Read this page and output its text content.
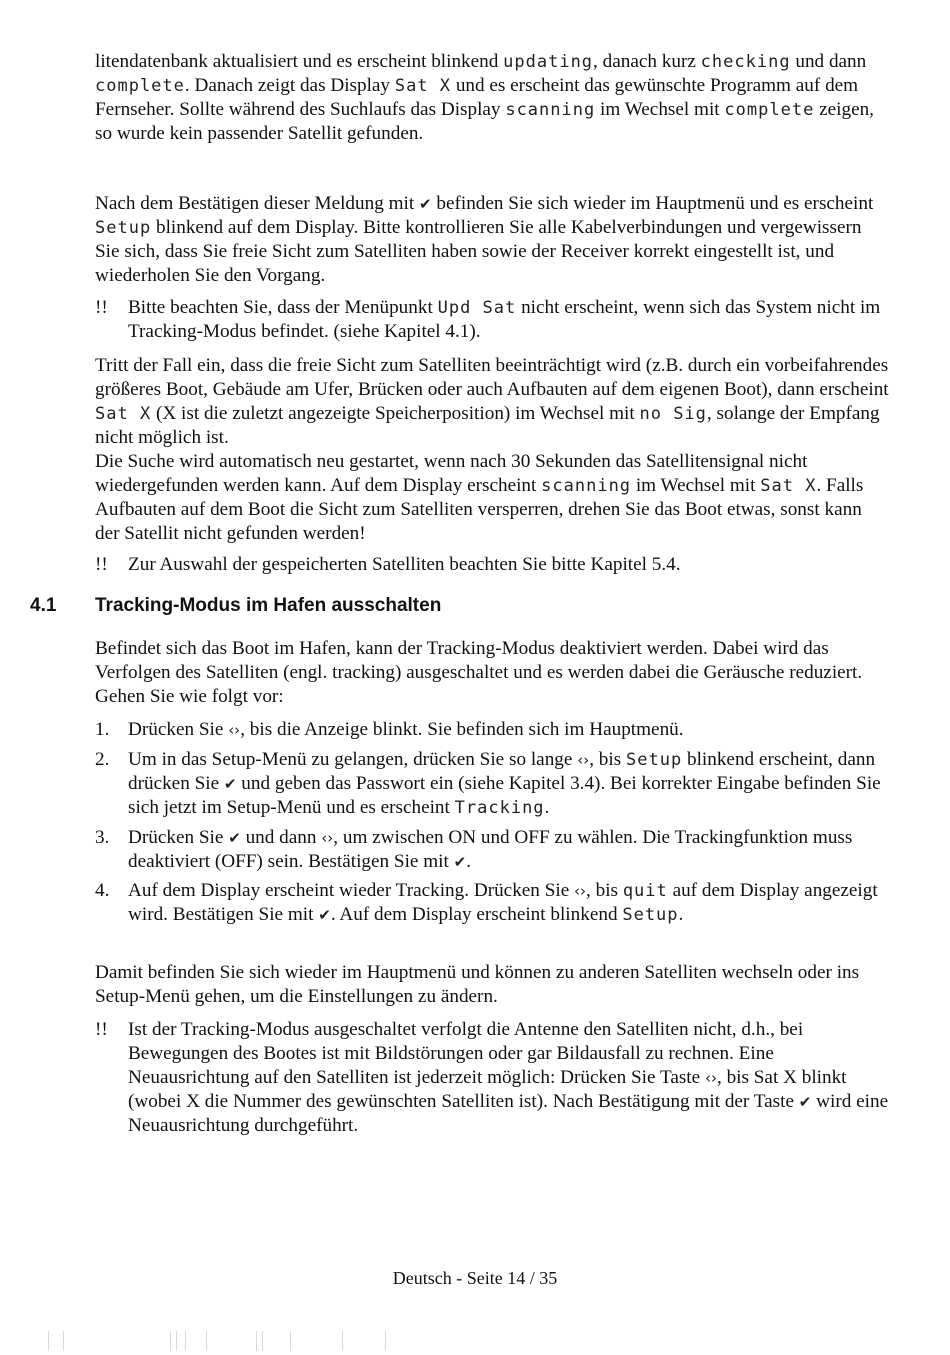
litendatenbank aktualisiert und es erscheint blinkend updating, danach kurz checking und dann complete. Danach zeigt das Display Sat X und es erscheint das gewünschte Programm auf dem Fernseher. Sollte während des Suchlaufs das Display scanning im Wechsel mit complete zeigen, so wurde kein passender Satellit gefunden.

Nach dem Bestätigen dieser Meldung mit ✔ befinden Sie sich wieder im Hauptmenü und es erscheint Setup blinkend auf dem Display. Bitte kontrollieren Sie alle Kabelverbindungen und vergewissern Sie sich, dass Sie freie Sicht zum Satelliten haben sowie der Receiver korrekt eingestellt ist, und wiederholen Sie den Vorgang.

!!	Bitte beachten Sie, dass der Menüpunkt Upd Sat nicht erscheint, wenn sich das System nicht im Tracking-Modus befindet. (siehe Kapitel 4.1).

Tritt der Fall ein, dass die freie Sicht zum Satelliten beeinträchtigt wird (z.B. durch ein vorbeifahrendes größeres Boot, Gebäude am Ufer, Brücken oder auch Aufbauten auf dem eigenen Boot), dann erscheint Sat X (X ist die zuletzt angezeigte Speicherposition) im Wechsel mit no Sig, solange der Empfang nicht möglich ist.

Die Suche wird automatisch neu gestartet, wenn nach 30 Sekunden das Satellitensignal nicht wiedergefunden werden kann. Auf dem Display erscheint scanning im Wechsel mit Sat X. Falls Aufbauten auf dem Boot die Sicht zum Satelliten versperren, drehen Sie das Boot etwas, sonst kann der Satellit nicht gefunden werden!

!!	Zur Auswahl der gespeicherten Satelliten beachten Sie bitte Kapitel 5.4.

4.1 Tracking-Modus im Hafen ausschalten

Befindet sich das Boot im Hafen, kann der Tracking-Modus deaktiviert werden. Dabei wird das Verfolgen des Satelliten (engl. tracking) ausgeschaltet und es werden dabei die Geräusche reduziert. Gehen Sie wie folgt vor:

1. Drücken Sie ‹›, bis die Anzeige blinkt. Sie befinden sich im Hauptmenü.

2. Um in das Setup-Menü zu gelangen, drücken Sie so lange ‹›, bis Setup blinkend erscheint, dann drücken Sie ✔ und geben das Passwort ein (siehe Kapitel 3.4). Bei korrekter Eingabe befinden Sie sich jetzt im Setup-Menü und es erscheint Tracking.

3. Drücken Sie ✔ und dann ‹›, um zwischen ON und OFF zu wählen. Die Trackingfunktion muss deaktiviert (OFF) sein. Bestätigen Sie mit ✔.

4. Auf dem Display erscheint wieder Tracking. Drücken Sie ‹›, bis quit auf dem Display angezeigt wird. Bestätigen Sie mit ✔. Auf dem Display erscheint blinkend Setup.

Damit befinden Sie sich wieder im Hauptmenü und können zu anderen Satelliten wechseln oder ins Setup-Menü gehen, um die Einstellungen zu ändern.

!!	Ist der Tracking-Modus ausgeschaltet verfolgt die Antenne den Satelliten nicht, d.h., bei Bewegungen des Bootes ist mit Bildstörungen oder gar Bildausfall zu rechnen. Eine Neuausrichtung auf den Satelliten ist jederzeit möglich: Drücken Sie Taste ‹›, bis Sat X blinkt (wobei X die Nummer des gewünschten Satelliten ist). Nach Bestätigung mit der Taste ✔ wird eine Neuausrichtung durchgeführt.

Deutsch - Seite 14 / 35
